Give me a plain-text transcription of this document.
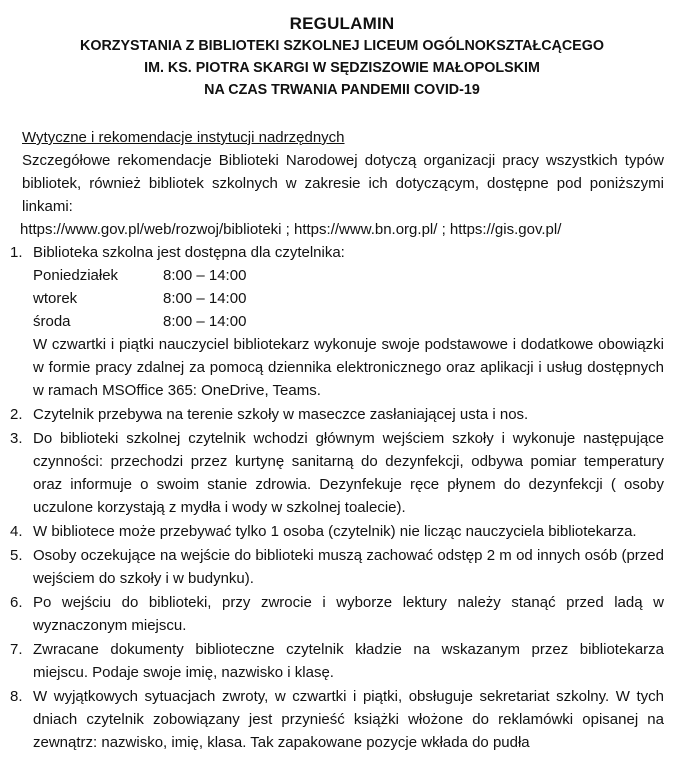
REGULAMIN
KORZYSTANIA Z BIBLIOTEKI SZKOLNEJ LICEUM OGÓLNOKSZTAŁCĄCEGO
IM. KS. PIOTRA SKARGI W SĘDZISZOWIE MAŁOPOLSKIM
NA CZAS TRWANIA PANDEMII COVID-19
Wytyczne i rekomendacje instytucji nadrzędnych
Szczegółowe rekomendacje Biblioteki Narodowej dotyczą organizacji pracy wszystkich typów bibliotek, również bibliotek szkolnych w zakresie ich dotyczącym, dostępne pod poniższymi linkami:
https://www.gov.pl/web/rozwoj/biblioteki ; https://www.bn.org.pl/ ; https://gis.gov.pl/
1. Biblioteka szkolna jest dostępna dla czytelnika:
Poniedziałek	8:00 – 14:00
wtorek	8:00 – 14:00
środa	8:00 – 14:00
W czwartki i piątki nauczyciel bibliotekarz wykonuje swoje podstawowe i dodatkowe obowiązki w formie pracy zdalnej za pomocą dziennika elektronicznego oraz aplikacji i usług dostępnych w ramach MSOffice 365: OneDrive, Teams.
2. Czytelnik przebywa na terenie szkoły w maseczce zasłaniającej usta i nos.
3. Do biblioteki szkolnej czytelnik wchodzi głównym wejściem szkoły i wykonuje następujące czynności: przechodzi przez kurtynę sanitarną do dezynfekcji, odbywa pomiar temperatury oraz informuje o swoim stanie zdrowia. Dezynfekuje ręce płynem do dezynfekcji ( osoby uczulone korzystają z mydła i wody w szkolnej toalecie).
4. W bibliotece może przebywać tylko 1 osoba (czytelnik) nie licząc nauczyciela bibliotekarza.
5. Osoby oczekujące na wejście do biblioteki muszą zachować odstęp 2 m od innych osób (przed wejściem do szkoły i w budynku).
6. Po wejściu do biblioteki, przy zwrocie i wyborze lektury należy stanąć przed ladą w wyznaczonym miejscu.
7. Zwracane dokumenty biblioteczne czytelnik kładzie na wskazanym przez bibliotekarza miejscu. Podaje swoje imię, nazwisko i klasę.
8. W wyjątkowych sytuacjach zwroty, w czwartki i piątki, obsługuje sekretariat szkolny. W tych dniach czytelnik zobowiązany jest przynieść książki włożone do reklamówki opisanej na zewnątrz: nazwisko, imię, klasa. Tak zapakowane pozycje wkłada do pudła
